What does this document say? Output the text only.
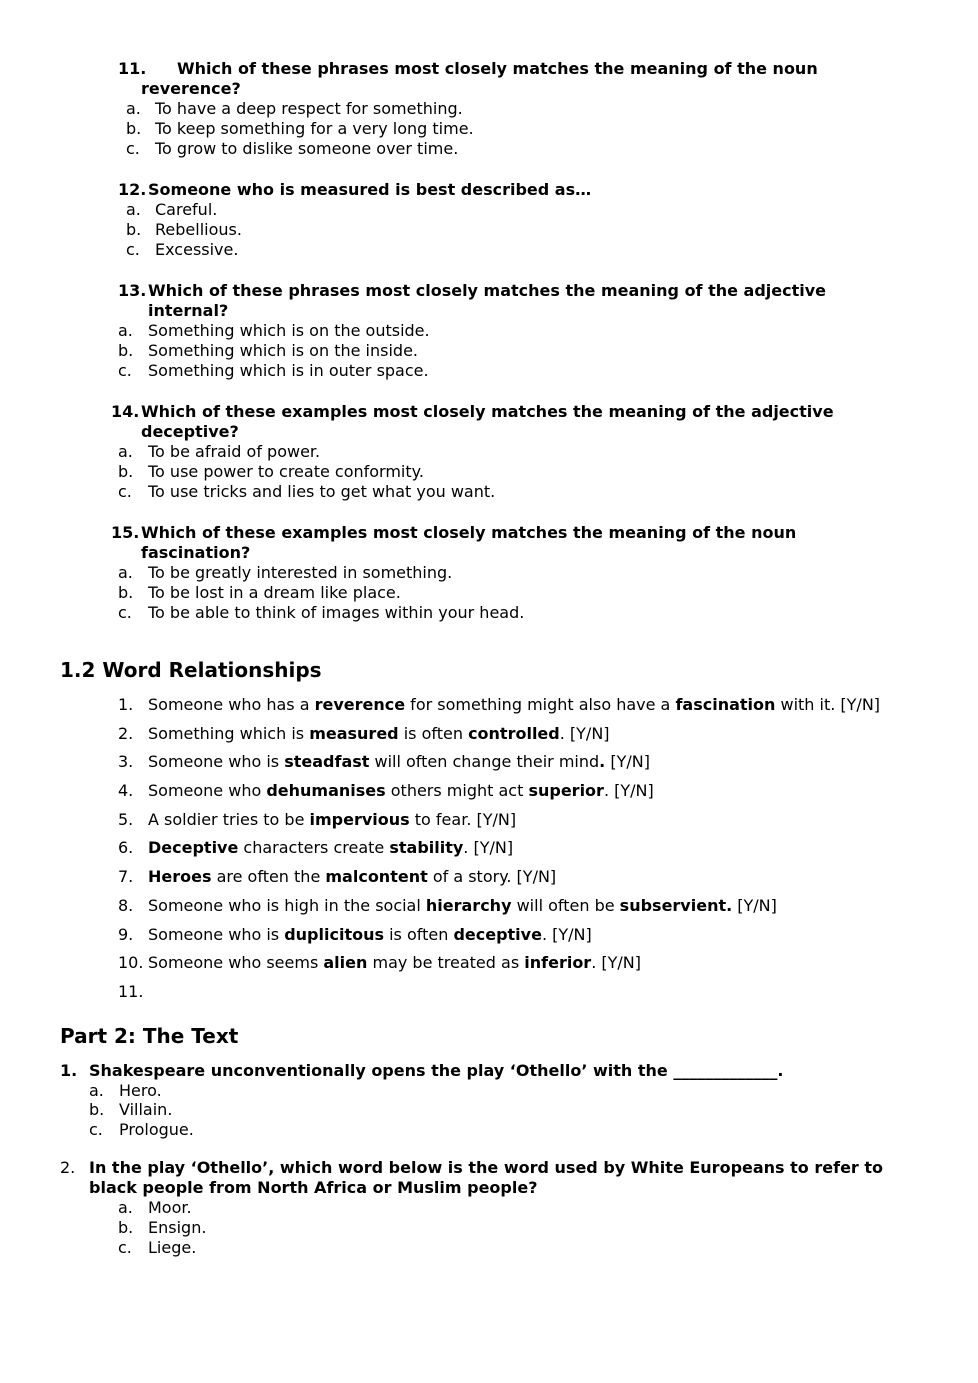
11. Which of these phrases most closely matches the meaning of the noun
reverence?
a. To have a deep respect for something.
b. To keep something for a very long time.
c. To grow to dislike someone over time.
12. Someone who is measured is best described as…
a. Careful.
b. Rebellious.
c. Excessive.
13. Which of these phrases most closely matches the meaning of the adjective
internal?
a. Something which is on the outside.
b. Something which is on the inside.
c. Something which is in outer space.
14. Which of these examples most closely matches the meaning of the adjective
deceptive?
a. To be afraid of power.
b. To use power to create conformity.
c. To use tricks and lies to get what you want.
15. Which of these examples most closely matches the meaning of the noun
fascination?
a. To be greatly interested in something.
b. To be lost in a dream like place.
c. To be able to think of images within your head.
1.2 Word Relationships
1. Someone who has a reverence for something might also have a fascination with it. [Y/N]
2. Something which is measured is often controlled. [Y/N]
3. Someone who is steadfast will often change their mind. [Y/N]
4. Someone who dehumanises others might act superior. [Y/N]
5. A soldier tries to be impervious to fear. [Y/N]
6. Deceptive characters create stability. [Y/N]
7. Heroes are often the malcontent of a story. [Y/N]
8. Someone who is high in the social hierarchy will often be subservient. [Y/N]
9. Someone who is duplicitous is often deceptive. [Y/N]
10. Someone who seems alien may be treated as inferior. [Y/N]
11.
Part 2: The Text
1. Shakespeare unconventionally opens the play ‘Othello’ with the _____________.
a. Hero.
b. Villain.
c. Prologue.
2. In the play ‘Othello’, which word below is the word used by White Europeans to refer to
black people from North Africa or Muslim people?
a. Moor.
b. Ensign.
c. Liege.
